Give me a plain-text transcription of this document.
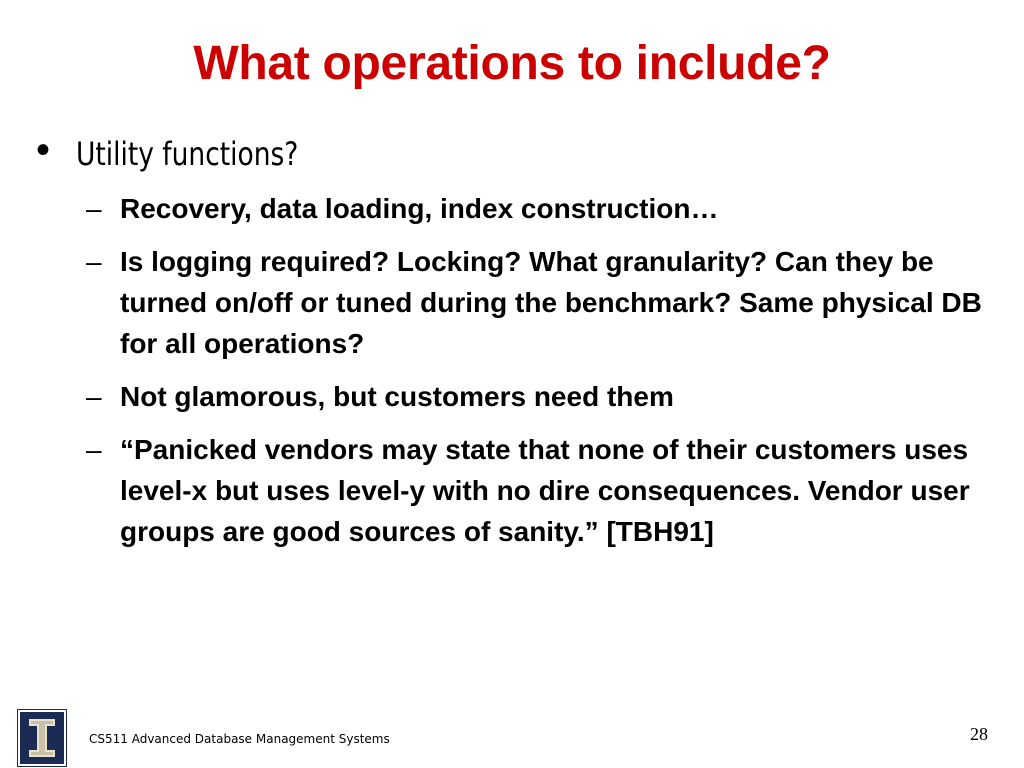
What operations to include?
• Utility functions?
– Recovery, data loading, index construction…
– Is logging required? Locking? What granularity? Can they be turned on/off or tuned during the benchmark? Same physical DB for all operations?
– Not glamorous, but customers need them
– “Panicked vendors may state that none of their customers uses level-x but uses level-y with no dire consequences. Vendor user groups are good sources of sanity.” [TBH91]
CS511 Advanced Database Management Systems	28
